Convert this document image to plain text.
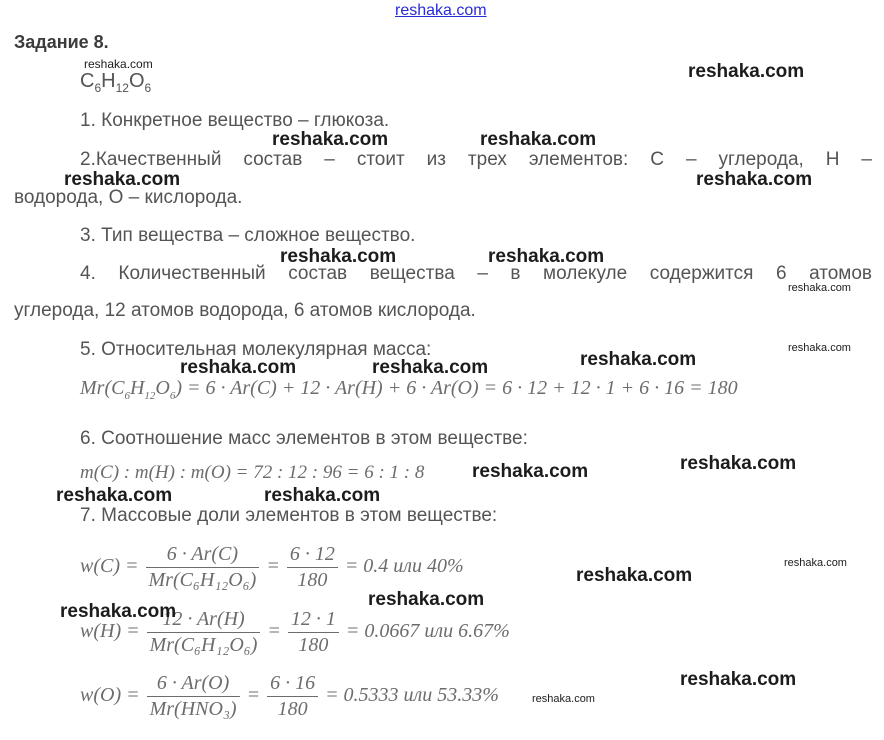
reshaka.com
Задание 8.
$C_6H_{12}O_6$
1. Конкретное вещество – глюкоза.
2.Качественный состав – стоит из трех элементов: С – углерода, Н –
водорода, О – кислорода.
3. Тип вещества – сложное вещество.
4. Количественный состав вещества – в молекуле содержится 6 атомов
углерода, 12 атомов водорода, 6 атомов кислорода.
5. Относительная молекулярная масса:
$Mr(C_6H_{12}O_6) = 6 \cdot Ar(C) + 12 \cdot Ar(H) + 6 \cdot Ar(O) = 6 \cdot 12 + 12 \cdot 1 + 6 \cdot 16 = 180$
6. Соотношение масс элементов в этом веществе:
m(C) : m(H) : m(O) = 72 : 12 : 96 = 6 : 1 : 8
7. Массовые доли элементов в этом веществе:
$w(C) = \frac{6 \cdot Ar(C)}{\text{Mr(C₆H₁₂O₆)}} = \frac{6 \cdot 12}{180} = 0.4$ или 40%
$w(H) = \frac{12 \cdot Ar(H)}{\text{Mr(C₆H₁₂O₆)}} = \frac{12 \cdot 1}{180} = 0.0667$ или 6.67%
$w(O) = \frac{6 \cdot Ar(O)}{\text{Mr(HNO₃)}} = \frac{6 \cdot 16}{180} = 0.5333$ или 53.33%
reshaka.com	reshaka.com
reshaka.com	reshaka.com
reshaka.com	reshaka.com
reshaka.com	reshaka.com
reshaka.com
reshaka.com
reshaka.com
reshaka.com	reshaka.com
reshaka.com
reshaka.com
reshaka.com	reshaka.com
reshaka.com
reshaka.com
reshaka.com
reshaka.com
reshaka.com
reshaka.com
